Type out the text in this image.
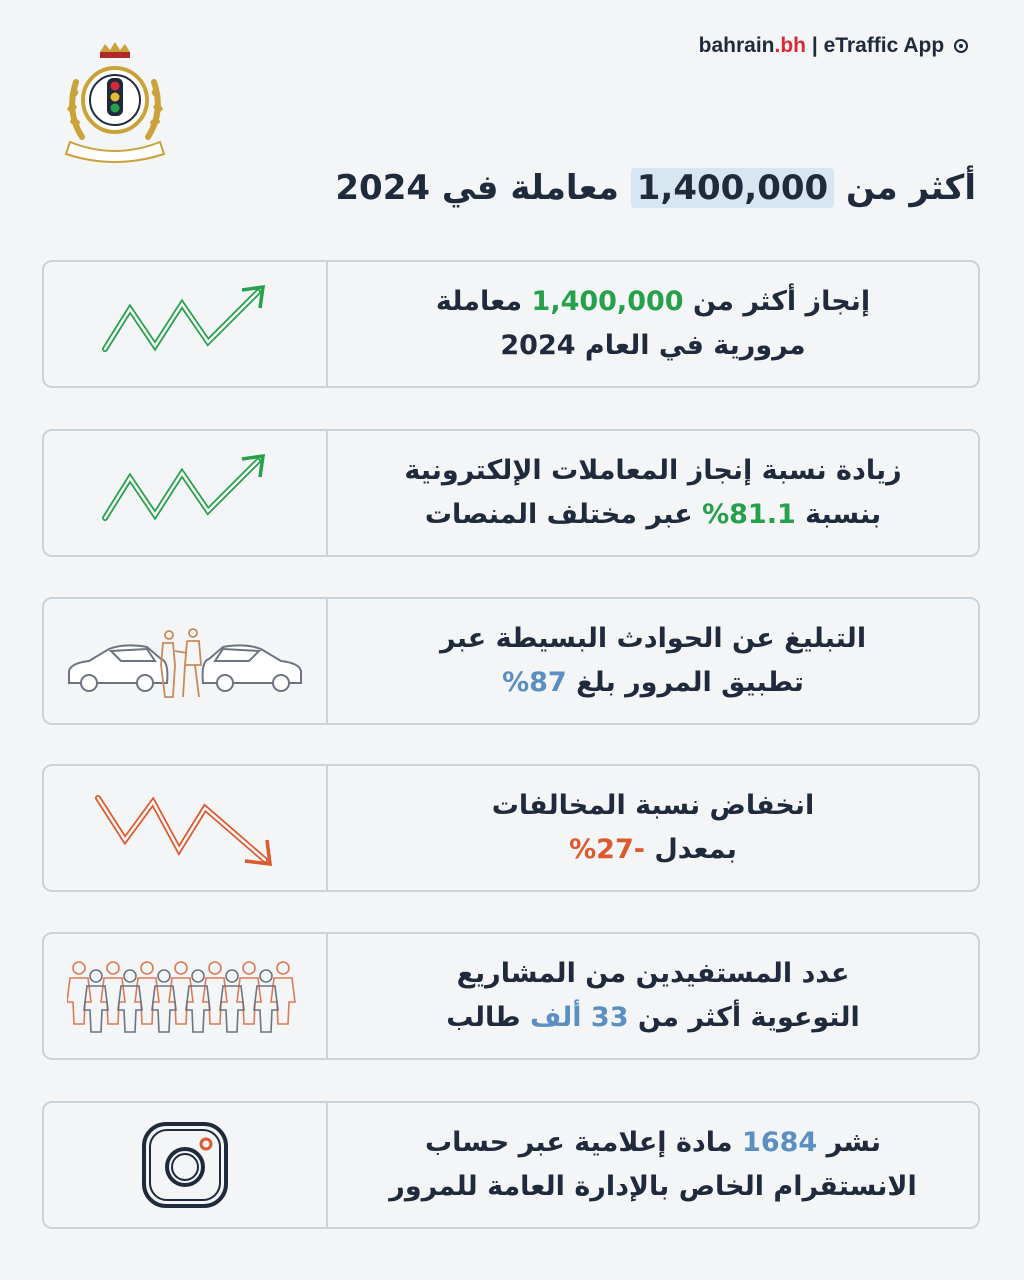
bahrain.bh | eTraffic App
أكثر من 1,400,000 معاملة في 2024
إنجاز أكثر من 1,400,000 معاملة
مرورية في العام 2024
زيادة نسبة إنجاز المعاملات الإلكترونية
بنسبة 81.1% عبر مختلف المنصات
التبليغ عن الحوادث البسيطة عبر
تطبيق المرور بلغ 87%
انخفاض نسبة المخالفات
بمعدل -27%
عدد المستفيدين من المشاريع
التوعوية أكثر من 33 ألف طالب
نشر 1684 مادة إعلامية عبر حساب
الانستقرام الخاص بالإدارة العامة للمرور
